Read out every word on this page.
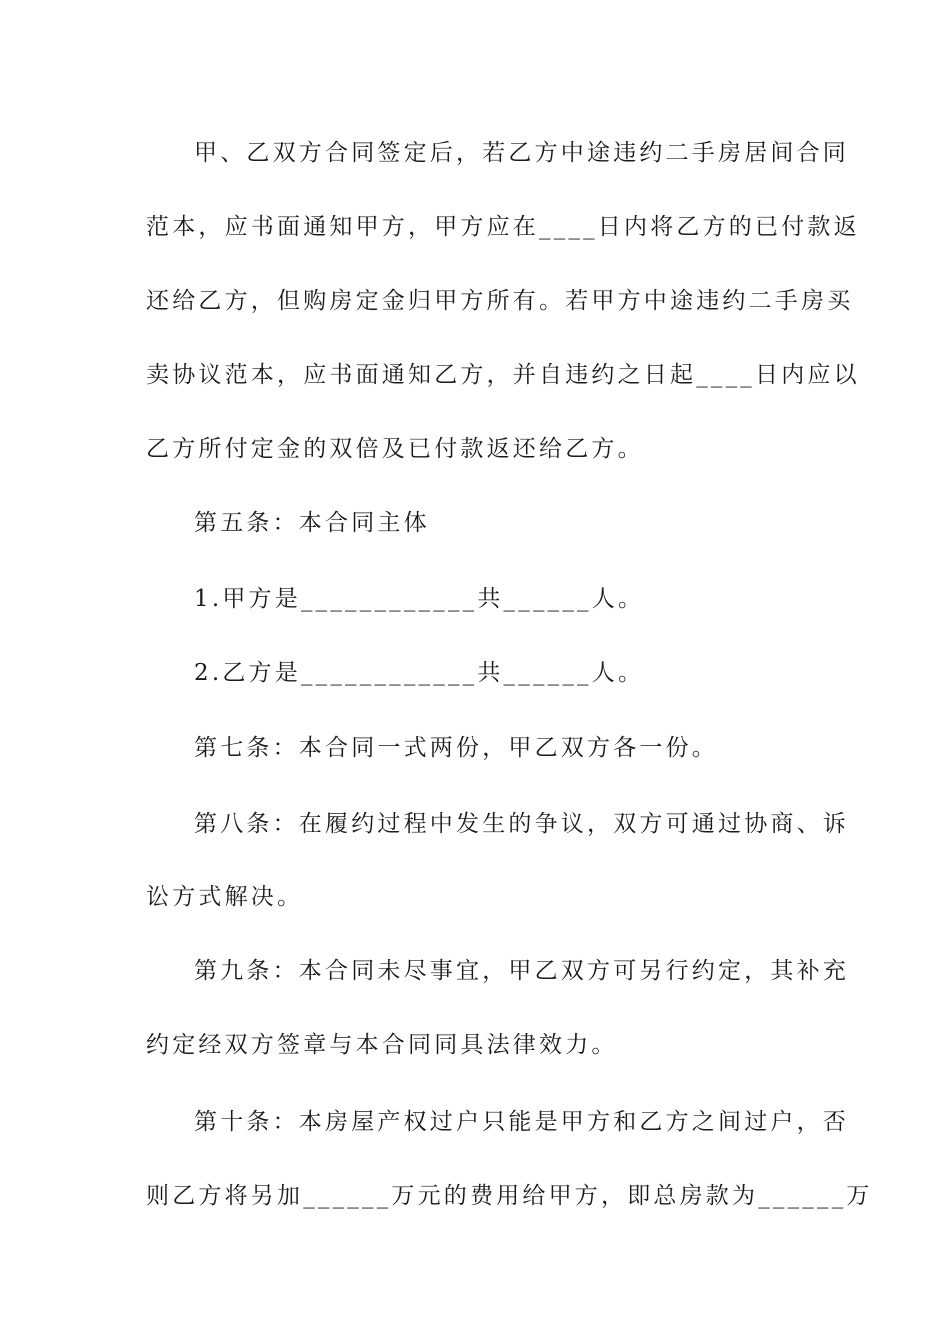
甲、乙双方合同签定后，若乙方中途违约二手房居间合同
范本，应书面通知甲方，甲方应在____日内将乙方的已付款返
还给乙方，但购房定金归甲方所有。若甲方中途违约二手房买
卖协议范本，应书面通知乙方，并自违约之日起____日内应以
乙方所付定金的双倍及已付款返还给乙方。
第五条：本合同主体
1.甲方是____________共______人。
2.乙方是____________共______人。
第七条：本合同一式两份，甲乙双方各一份。
第八条：在履约过程中发生的争议，双方可通过协商、诉
讼方式解决。
第九条：本合同未尽事宜，甲乙双方可另行约定，其补充
约定经双方签章与本合同同具法律效力。
第十条：本房屋产权过户只能是甲方和乙方之间过户，否
则乙方将另加______万元的费用给甲方，即总房款为______万
